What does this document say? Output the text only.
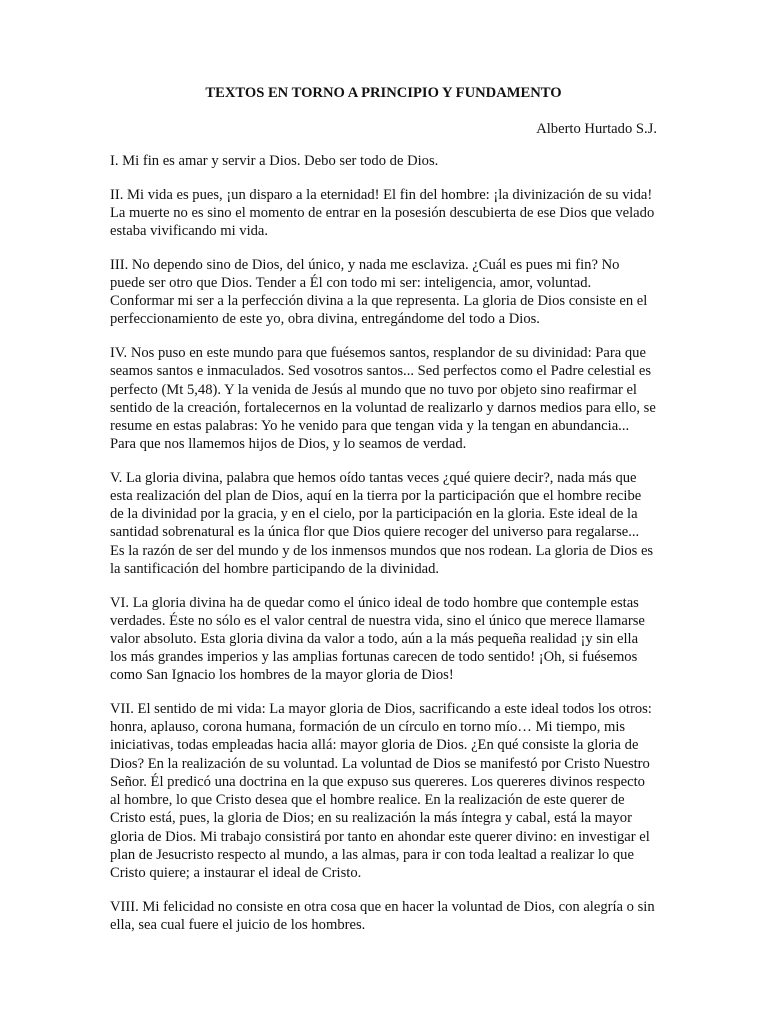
TEXTOS EN TORNO A PRINCIPIO Y FUNDAMENTO
Alberto Hurtado S.J.

I. Mi fin es amar y servir a Dios. Debo ser todo de Dios.

II. Mi vida es pues, ¡un disparo a la eternidad! El fin del hombre: ¡la divinización de su vida! La muerte no es sino el momento de entrar en la posesión descubierta de ese Dios que velado estaba vivificando mi vida.

III. No dependo sino de Dios, del único, y nada me esclaviza. ¿Cuál es pues mi fin? No puede ser otro que Dios. Tender a Él con todo mi ser: inteligencia, amor, voluntad. Conformar mi ser a la perfección divina a la que representa. La gloria de Dios consiste en el perfeccionamiento de este yo, obra divina, entregándome del todo a Dios.

IV. Nos puso en este mundo para que fuésemos santos, resplandor de su divinidad: Para que seamos santos e inmaculados. Sed vosotros santos... Sed perfectos como el Padre celestial es perfecto (Mt 5,48). Y la venida de Jesús al mundo que no tuvo por objeto sino reafirmar el sentido de la creación, fortalecernos en la voluntad de realizarlo y darnos medios para ello, se resume en estas palabras: Yo he venido para que tengan vida y la tengan en abundancia... Para que nos llamemos hijos de Dios, y lo seamos de verdad.

V. La gloria divina, palabra que hemos oído tantas veces ¿qué quiere decir?, nada más que esta realización del plan de Dios, aquí en la tierra por la participación que el hombre recibe de la divinidad por la gracia, y en el cielo, por la participación en la gloria. Este ideal de la santidad sobrenatural es la única flor que Dios quiere recoger del universo para regalarse... Es la razón de ser del mundo y de los inmensos mundos que nos rodean. La gloria de Dios es la santificación del hombre participando de la divinidad.

VI. La gloria divina ha de quedar como el único ideal de todo hombre que contemple estas verdades. Éste no sólo es el valor central de nuestra vida, sino el único que merece llamarse valor absoluto. Esta gloria divina da valor a todo, aún a la más pequeña realidad ¡y sin ella los más grandes imperios y las amplias fortunas carecen de todo sentido! ¡Oh, si fuésemos como San Ignacio los hombres de la mayor gloria de Dios!

VII. El sentido de mi vida: La mayor gloria de Dios, sacrificando a este ideal todos los otros: honra, aplauso, corona humana, formación de un círculo en torno mío… Mi tiempo, mis iniciativas, todas empleadas hacia allá: mayor gloria de Dios. ¿En qué consiste la gloria de Dios? En la realización de su voluntad. La voluntad de Dios se manifestó por Cristo Nuestro Señor. Él predicó una doctrina en la que expuso sus quereres. Los quereres divinos respecto al hombre, lo que Cristo desea que el hombre realice. En la realización de este querer de Cristo está, pues, la gloria de Dios; en su realización la más íntegra y cabal, está la mayor gloria de Dios. Mi trabajo consistirá por tanto en ahondar este querer divino: en investigar el plan de Jesucristo respecto al mundo, a las almas, para ir con toda lealtad a realizar lo que Cristo quiere; a instaurar el ideal de Cristo.

VIII. Mi felicidad no consiste en otra cosa que en hacer la voluntad de Dios, con alegría o sin ella, sea cual fuere el juicio de los hombres.
